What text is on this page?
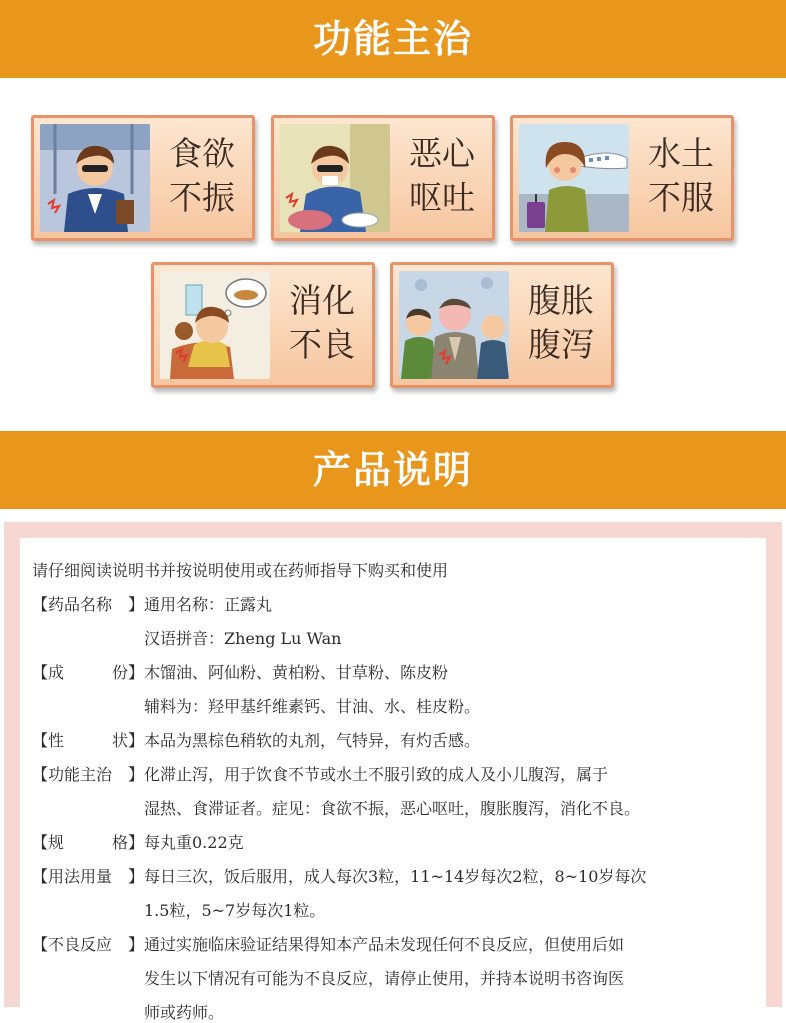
功能主治
食欲
不振
恶心
呕吐
水土
不服
消化
不良
腹胀
腹泻
产品说明
请仔细阅读说明书并按说明使用或在药师指导下购买和使用
【 药品名称 】 通用名称：正露丸
汉语拼音：Zheng Lu Wan
【 成	份 】 木馏油、阿仙粉、黄柏粉、甘草粉、陈皮粉
辅料为：羟甲基纤维素钙、甘油、水、桂皮粉。
【 性	状 】 本品为黑棕色稍软的丸剂，气特异，有灼舌感。
【 功能主治 】 化滞止泻，用于饮食不节或水土不服引致的成人及小儿腹泻，属于
湿热、食滞证者。症见：食欲不振，恶心呕吐，腹胀腹泻，消化不良。
【 规	格 】 每丸重0.22克
【 用法用量 】 每日三次，饭后服用，成人每次3粒，11~14岁每次2粒，8~10岁每次
1.5粒，5~7岁每次1粒。
【 不良反应 】 通过实施临床验证结果得知本产品未发现任何不良反应，但使用后如
发生以下情况有可能为不良反应，请停止使用，并持本说明书咨询医
师或药师。
